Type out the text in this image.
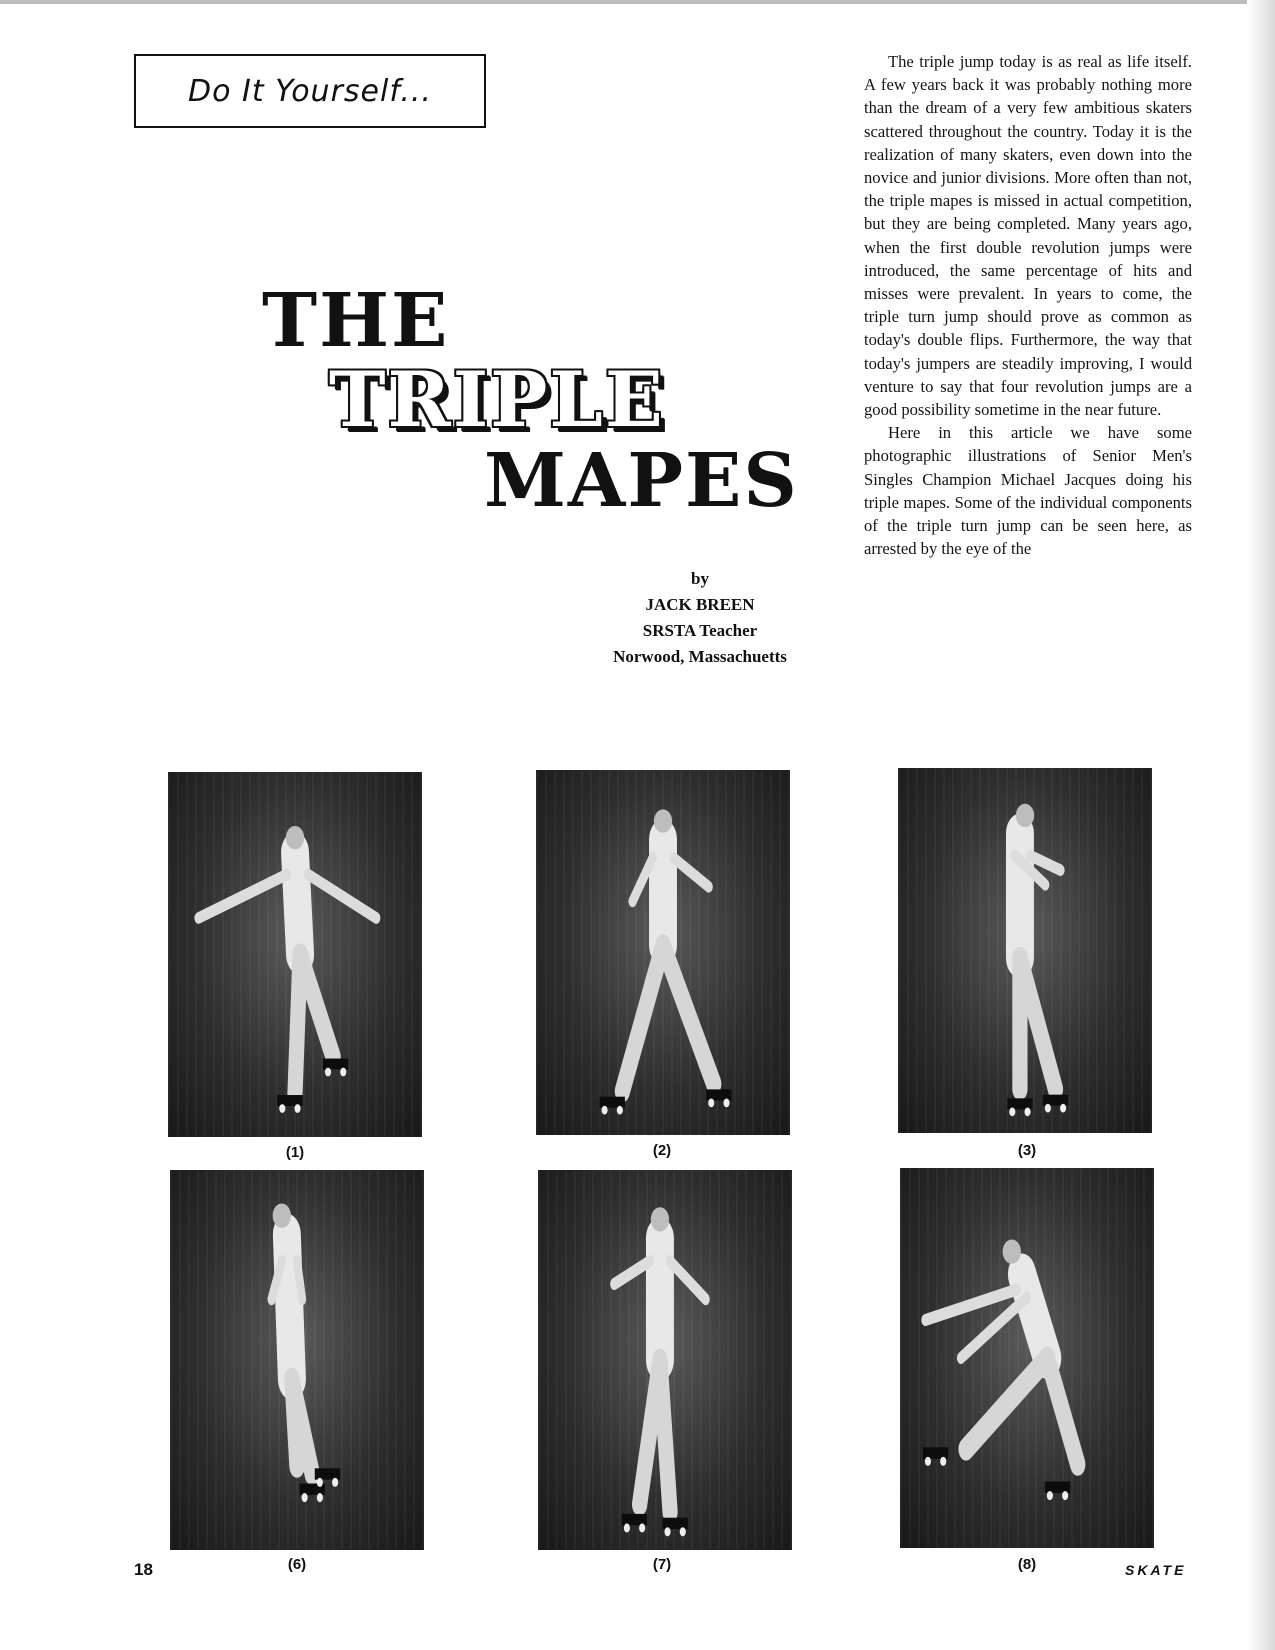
Do It Yourself...
THE
TRIPLE
MAPES
by
JACK BREEN
SRSTA Teacher
Norwood, Massachuetts

The triple jump today is as real as life itself. A few years back it was probably nothing more than the dream of a very few ambitious skaters scattered throughout the country. Today it is the realization of many skaters, even down into the novice and junior divisions. More often than not, the triple mapes is missed in actual competition, but they are being completed. Many years ago, when the first double revolution jumps were introduced, the same percentage of hits and misses were prevalent. In years to come, the triple turn jump should prove as common as today's double flips. Furthermore, the way that today's jumpers are steadily improving, I would venture to say that four revolution jumps are a good possibility sometime in the near future.

Here in this article we have some photographic illustrations of Senior Men's Singles Champion Michael Jacques doing his triple mapes. Some of the individual components of the triple turn jump can be seen here, as arrested by the eye of the

(1)	(2)	(3)
(6)	(7)	(8)
18	SKATE
